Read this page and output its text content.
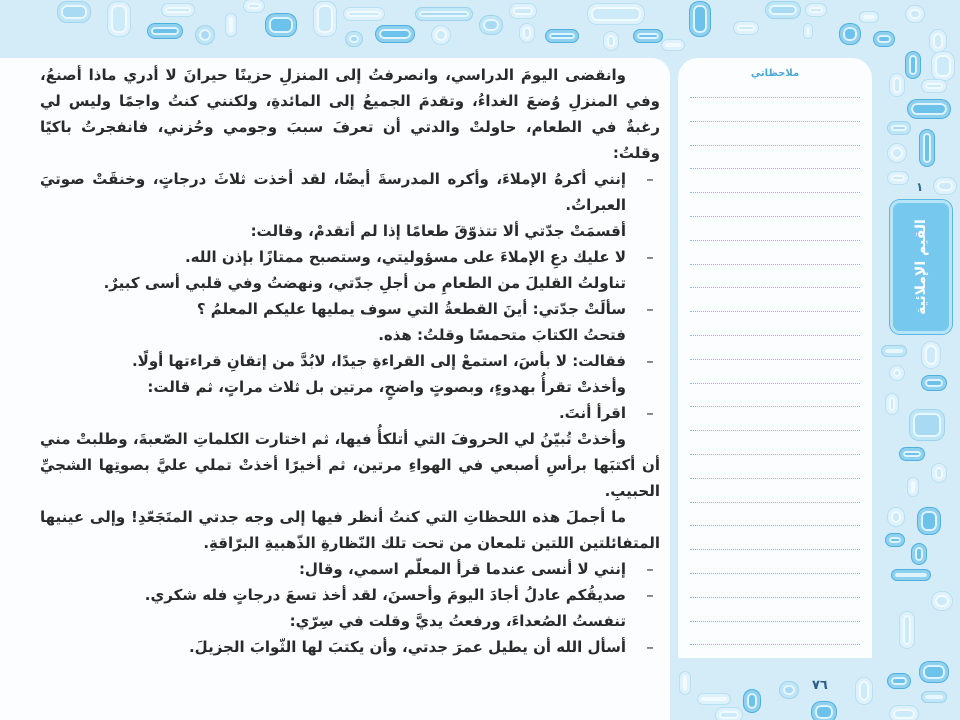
وانقضى اليومَ الدراسي، وانصرفتُ إلى المنزلِ حزينًا حيرانَ لا أدري ماذا أصنعُ، وفي المنزلِ وُضعَ الغداءُ، وتقدمَ الجميعُ إلى المائدةِ، ولكنني كنتُ واجمًا وليس لي رغبةٌ في الطعام، حاولتْ والدتي أن تعرفَ سببَ وجومي وحُزني، فانفجرتُ باكيًا وقلتُ:

–
إنني أكرهُ الإملاءَ، وأكره المدرسةَ أيضًا، لقد أخذت ثلاثَ درجاتٍ، وخنقَتْ صوتيَ العبراتُ.

أقسمَتْ جدّتي ألا تتذوّقَ طعامًا إذا لم أتقدمْ، وقالت:

–
لا عليك دعِ الإملاءَ على مسؤوليتي، وستصبح ممتازًا بإذن الله.

تناولتُ القليلَ من الطعامِ من أجلِ جدّتي، ونهضتُ وفي قلبي أسى كبيرٌ.

–
سألَتْ جدّتي: أينَ القطعةُ التي سوف يمليها عليكم المعلمُ ؟

فتحتُ الكتابَ متحمسًا وقلتُ: هذه.

–
فقالت: لا بأسَ، استمعْ إلى القراءةِ جيدًا، لابُدَّ من إتقانِ قراءتها أولًا.

وأخذتْ تقرأُ بهدوءٍ، وبصوتٍ واضحٍ، مرتين بل ثلاث مراتٍ، ثم قالت:

–
اقرأ أنتَ.

وأخذتْ تُبيّنُ لي الحروفَ التي أتلكأُ فيها، ثم اختارت الكلماتِ الصّعبةَ، وطلبتْ مني أن أكتبَها برأسِ أصبعي في الهواءِ مرتين، ثم أخيرًا أخذتْ تملي عليَّ بصوتِها الشجيِّ الحبيبِ.

ما أجملَ هذه اللحظاتِ التي كنتُ أنظر فيها إلى وجه جدتي المتَجَعّدِ! وإلى عينيها المتفائلتين اللتين تلمعان من تحت تلك النّظارةِ الذّهبيةِ البرّاقةِ.

–
إنني لا أنسى عندما قرأ المعلّم اسمي، وقال:
–
صديقُكم عادلُ أجادَ اليومَ وأحسنَ، لقد أخذ تسعَ درجاتٍ فله شكري.

تنفستُ الصُعداءَ، ورفعتُ يديَّ وقلت في سِرّي:

–
أسأل الله أن يطيل عمرَ جدتي، وأن يكتبَ لها الثّوابَ الجزيلَ.
ملاحظاتي
١
القيم الإملائية
٧٦
